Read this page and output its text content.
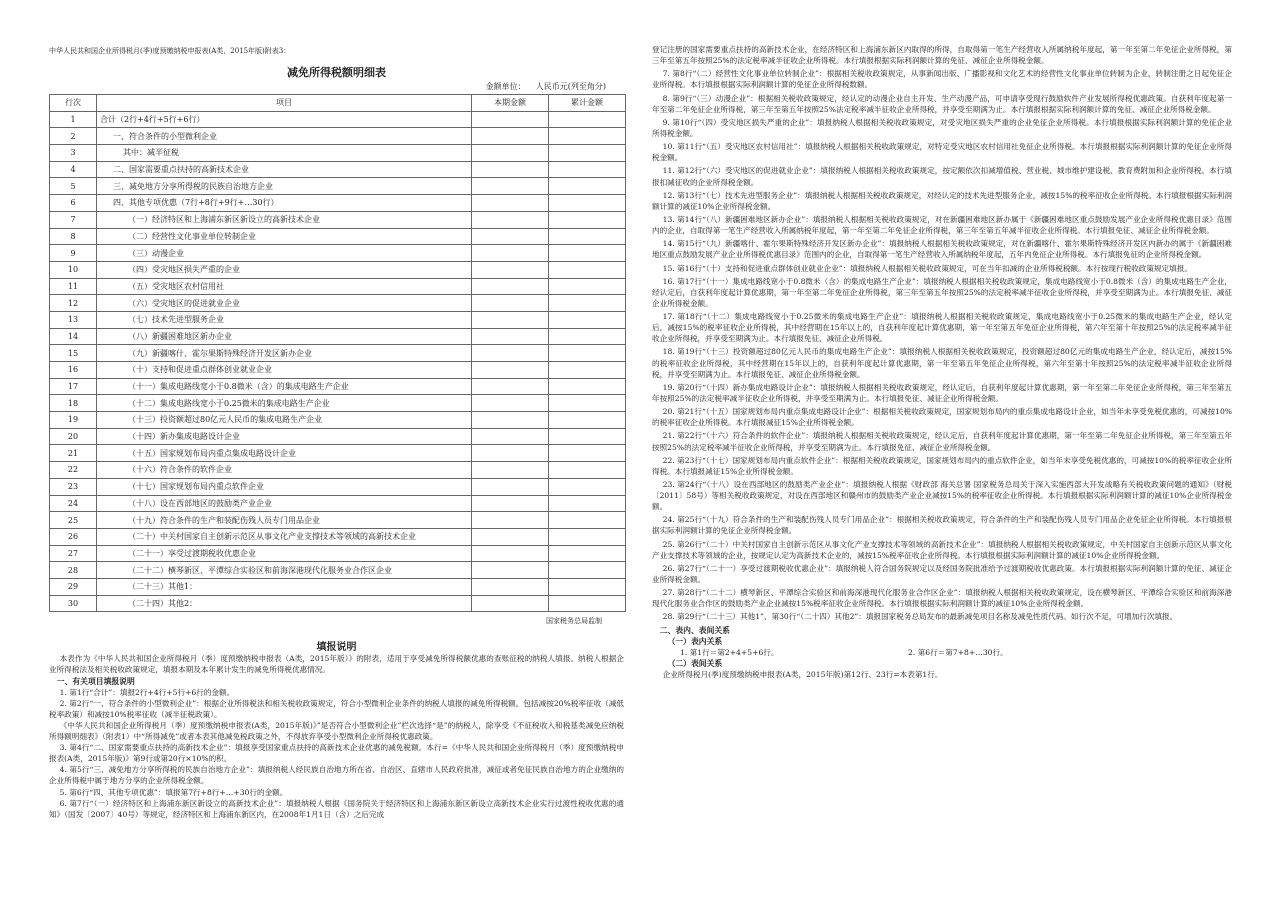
中华人民共和国企业所得税月(季)度预缴纳税申报表(A类，2015年版)附表3：
减免所得税额明细表
金额单位： 人民币元(列至角分)
行次	项目	本期金额	累计金额
1	合计（2行+4行+5行+6行）		
2	一、符合条件的小型微利企业		
3	其中：减半征税		
4	二、国家需要重点扶持的高新技术企业		
5	三、减免地方分享所得税的民族自治地方企业		
6	四、其他专项优惠（7行+8行+9行+…30行）		
7	（一）经济特区和上海浦东新区新设立的高新技术企业		
8	（二）经营性文化事业单位转制企业		
9	（三）动漫企业		
10	（四）受灾地区损失严重的企业		
11	（五）受灾地区农村信用社		
12	（六）受灾地区的促进就业企业		
13	（七）技术先进型服务企业		
14	（八）新疆困难地区新办企业		
15	（九）新疆喀什、霍尔果斯特殊经济开发区新办企业		
16	（十）支持和促进重点群体创业就业企业		
17	（十一）集成电路线宽小于0.8微米（含）的集成电路生产企业		
18	（十二）集成电路线宽小于0.25微米的集成电路生产企业		
19	（十三）投资额超过80亿元人民币的集成电路生产企业		
20	（十四）新办集成电路设计企业		
21	（十五）国家规划布局内重点集成电路设计企业		
22	（十六）符合条件的软件企业		
23	（十七）国家规划布局内重点软件企业		
24	（十八）设在西部地区的鼓励类产业企业		
25	（十九）符合条件的生产和装配伤残人员专门用品企业		
26	（二十）中关村国家自主创新示范区从事文化产业支撑技术等领域的高新技术企业		
27	（二十一）享受过渡期税收优惠企业		
28	（二十二）横琴新区、平潭综合实验区和前海深港现代化服务业合作区企业		
29	（二十三）其他1：		
30	（二十四）其他2：		
国家税务总局监制
填报说明
本表作为《中华人民共和国企业所得税月（季）度预缴纳税申报表（A类，2015年版）》的附表，适用于享受减免所得税额优惠的查账征税的纳税人填报。纳税人根据企业所得税法及相关税收政策规定，填报本期及本年累计发生的减免所得税优惠情况。
一、有关项目填报说明
1. 第1行“合计”：填报2行+4行+5行+6行的金额。
2. 第2行“一、符合条件的小型微利企业”：根据企业所得税法和相关税收政策规定，符合小型微利企业条件的纳税人填报的减免所得税额。包括减按20%税率征收（减低税率政策）和减按10%税率征收（减半征税政策）。
《中华人民共和国企业所得税月（季）度预缴纳税申报表(A类，2015年版)》”是否符合小型微利企业”栏次选择“是”的纳税人，除享受《不征税收入和税基类减免应纳税所得额明细表》（附表1）中“所得减免”或者本表其他减免税政策之外，不得放弃享受小型微利企业所得税优惠政策。
3. 第4行“二、国家需要重点扶持的高新技术企业”：填报享受国家重点扶持的高新技术企业优惠的减免税额。本行=《中华人民共和国企业所得税月（季）度预缴纳税申报表(A类，2015年版)》第9行或第20行×10%的积。
4. 第5行“三、减免地方分享所得税的民族自治地方企业”：填报纳税人经民族自治地方所在省、自治区、直辖市人民政府批准，减征或者免征民族自治地方的企业缴纳的企业所得税中属于地方分享的企业所得税金额。
5. 第6行“四、其他专项优惠”：填报第7行+8行+…+30行的金额。
6. 第7行“（一）经济特区和上海浦东新区新设立的高新技术企业”：填报纳税人根据《国务院关于经济特区和上海浦东新区新设立高新技术企业实行过渡性税收优惠的通知》（国发〔2007〕40号）等规定，经济特区和上海浦东新区内，在2008年1月1日（含）之后完成
登记注册的国家需要重点扶持的高新技术企业，在经济特区和上海浦东新区内取得的所得，自取得第一笔生产经营收入所属纳税年度起，第一年至第二年免征企业所得税，第三年至第五年按照25%的法定税率减半征收企业所得税。本行填报根据实际利润额计算的免征、减征企业所得税金额。
7. 第8行“（二）经营性文化事业单位转制企业”：根据相关税收政策规定，从事新闻出版、广播影视和文化艺术的经营性文化事业单位转制为企业，转制注册之日起免征企业所得税。本行填报根据实际利润额计算的免征企业所得税数额。
8. 第9行“（三）动漫企业”：根据相关税收政策规定，经认定的动漫企业自主开发、生产动漫产品，可申请享受现行鼓励软件产业发展所得税优惠政策。自获利年度起第一年至第二年免征企业所得税，第三年至第五年按照25%法定税率减半征收企业所得税，并享受至期满为止。本行填报根据实际利润额计算的免征、减征企业所得税金额。
9. 第10行“（四）受灾地区损失严重的企业”：填报纳税人根据相关税收政策规定，对受灾地区损失严重的企业免征企业所得税。本行填报根据实际利润额计算的免征企业所得税金额。
10. 第11行“（五）受灾地区农村信用社”：填报纳税人根据相关税收政策规定，对特定受灾地区农村信用社免征企业所得税。本行填报根据实际利润额计算的免征企业所得税金额。
11. 第12行“（六）受灾地区的促进就业企业”：填报纳税人根据相关税收政策规定，按定额依次扣减增值税、营业税、城市维护建设税、教育费附加和企业所得税。本行填报扣减征收的企业所得税金额。
12. 第13行“（七）技术先进型服务企业”：填报纳税人根据相关税收政策规定，对经认定的技术先进型服务企业，减按15%的税率征收企业所得税。本行填报根据实际利润额计算的减征10%企业所得税金额。
13. 第14行“（八）新疆困难地区新办企业”：填报纳税人根据相关税收政策规定，对在新疆困难地区新办属于《新疆困难地区重点鼓励发展产业企业所得税优惠目录》范围内的企业，自取得第一笔生产经营收入所属纳税年度起，第一年至第二年免征企业所得税，第三年至第五年减半征收企业所得税。本行填报免征、减征企业所得税金额。
14. 第15行“（九）新疆喀什、霍尔果斯特殊经济开发区新办企业”：填报纳税人根据相关税收政策规定，对在新疆喀什、霍尔果斯特殊经济开发区内新办的属于《新疆困难地区重点鼓励发展产业企业所得税优惠目录》范围内的企业，自取得第一笔生产经营收入所属纳税年度起，五年内免征企业所得税。本行填报免征的企业所得税金额。
15. 第16行“（十）支持和促进重点群体创业就业企业”：填报纳税人根据相关税收政策规定，可在当年扣减的企业所得税税额。本行按现行税收政策规定填报。
16. 第17行“（十一）集成电路线宽小于0.8微米（含）的集成电路生产企业”：填报纳税人根据相关税收政策规定，集成电路线宽小于0.8微米（含）的集成电路生产企业，经认定后，自获利年度起计算优惠期，第一年至第二年免征企业所得税，第三年至第五年按照25%的法定税率减半征收企业所得税，并享受至期满为止。本行填报免征、减征企业所得税金额。
17. 第18行“（十二）集成电路线宽小于0.25微米的集成电路生产企业”：填报纳税人根据相关税收政策规定，集成电路线宽小于0.25微米的集成电路生产企业，经认定后，减按15%的税率征收企业所得税，其中经营期在15年以上的，自获利年度起计算优惠期，第一年至第五年免征企业所得税，第六年至第十年按照25%的法定税率减半征收企业所得税，并享受至期满为止。本行填报免征、减征企业所得税。
18. 第19行“（十三）投资额超过80亿元人民币的集成电路生产企业”：填报纳税人根据相关税收政策规定，投资额超过80亿元的集成电路生产企业，经认定后，减按15%的税率征收企业所得税，其中经营期在15年以上的，自获利年度起计算优惠期，第一年至第五年免征企业所得税，第六年至第十年按照25%的法定税率减半征收企业所得税，并享受至期满为止。本行填报免征、减征企业所得税金额。
19. 第20行“（十四）新办集成电路设计企业”：填报纳税人根据相关税收政策规定，经认定后，自获利年度起计算优惠期，第一年至第二年免征企业所得税，第三年至第五年按照25%的法定税率减半征收企业所得税，并享受至期满为止。本行填报免征、减征企业所得税金额。
20. 第21行“（十五）国家规划布局内重点集成电路设计企业”：根据相关税收政策规定，国家规划布局内的重点集成电路设计企业，如当年未享受免税优惠的，可减按10%的税率征收企业所得税。本行填报减征15%企业所得税金额。
21. 第22行“（十六）符合条件的软件企业”：填报纳税人根据相关税收政策规定，经认定后，自获利年度起计算优惠期，第一年至第二年免征企业所得税，第三年至第五年按照25%的法定税率减半征收企业所得税，并享受至期满为止。本行填报免征、减征企业所得税金额。
22. 第23行“（十七）国家规划布局内重点软件企业”：根据相关税收政策规定，国家规划布局内的重点软件企业，如当年未享受免税优惠的，可减按10%的税率征收企业所得税。本行填报减征15%企业所得税金额。
23. 第24行“（十八）设在西部地区的鼓励类产业企业”：填报纳税人根据《财政部 海关总署 国家税务总局关于深入实施西部大开发战略有关税收政策问题的通知》（财税〔2011〕58号）等相关税收政策规定，对设在西部地区和赣州市的鼓励类产业企业减按15%的税率征收企业所得税。本行填报根据实际利润额计算的减征10%企业所得税金额。
24. 第25行“（十九）符合条件的生产和装配伤残人员专门用品企业”：根据相关税收政策规定，符合条件的生产和装配伤残人员专门用品企业免征企业所得税。本行填报根据实际利润额计算的免征企业所得税金额。
25. 第26行“（二十）中关村国家自主创新示范区从事文化产业支撑技术等领域的高新技术企业”：填报纳税人根据相关税收政策规定，中关村国家自主创新示范区从事文化产业支撑技术等领域的企业，按规定认定为高新技术企业的，减按15%税率征收企业所得税。本行填报根据实际利润额计算的减征10%企业所得税金额。
26. 第27行“（二十一）享受过渡期税收优惠企业”：填报纳税人符合国务院规定以及经国务院批准给予过渡期税收优惠政策。本行填报根据实际利润额计算的免征、减征企业所得税金额。
27. 第28行“（二十二）横琴新区、平潭综合实验区和前海深港现代化服务业合作区企业”：填报纳税人根据相关税收政策规定，设在横琴新区、平潭综合实验区和前海深港现代化服务业合作区的鼓励类产业企业减按15%税率征收企业所得税。本行填报根据实际利润额计算的减征10%企业所得税金额。
28. 第29行“（二十三）其他1”、第30行“（二十四）其他2”：填报国家税务总局发布的最新减免项目名称及减免性质代码。如行次不足，可增加行次填报。
二、表内、表间关系
（一）表内关系
1. 第1行＝第2+4+5+6行。	2. 第6行＝第7+8+…30行。
（二）表间关系
企业所得税月(季)度预缴纳税申报表(A类，2015年版)第12行、23行=本表第1行。
